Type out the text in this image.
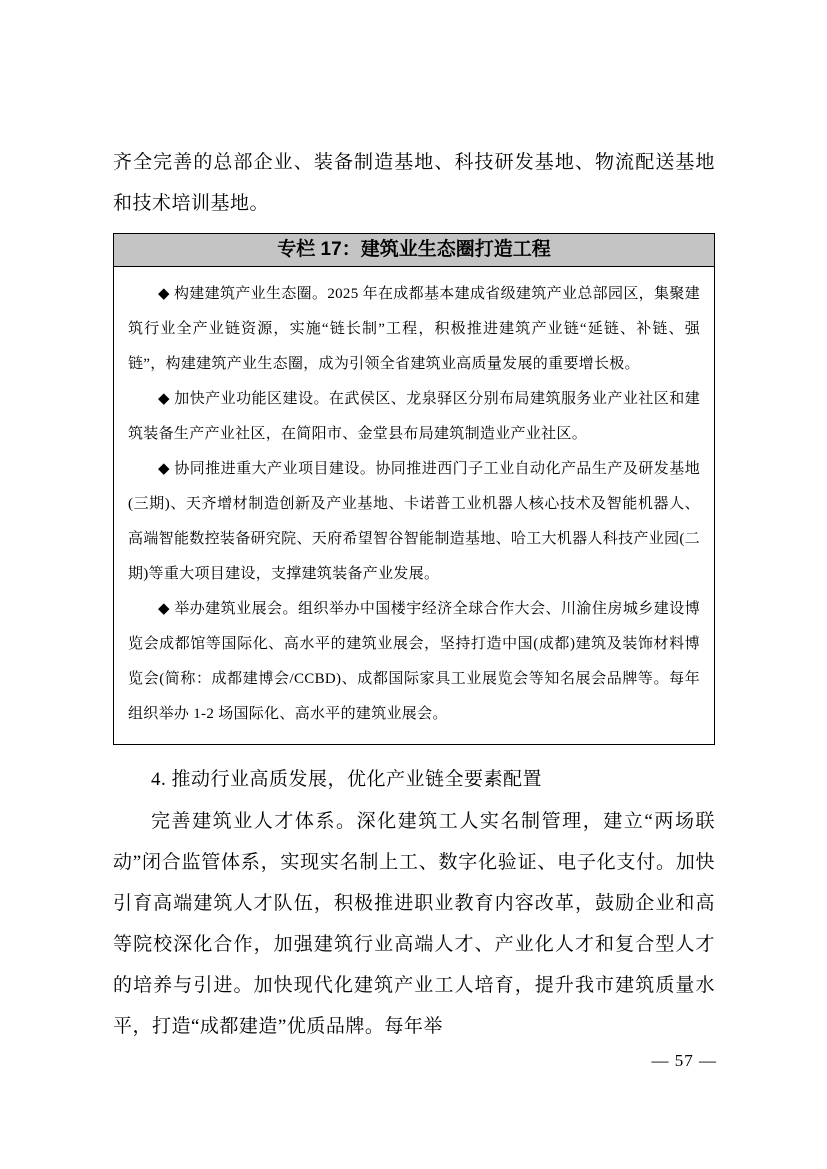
齐全完善的总部企业、装备制造基地、科技研发基地、物流配送基地和技术培训基地。

专栏 17：建筑业生态圈打造工程

◆ 构建建筑产业生态圈。2025 年在成都基本建成省级建筑产业总部园区，集聚建筑行业全产业链资源，实施“链长制”工程，积极推进建筑产业链“延链、补链、强链”，构建建筑产业生态圈，成为引领全省建筑业高质量发展的重要增长极。

◆ 加快产业功能区建设。在武侯区、龙泉驿区分别布局建筑服务业产业社区和建筑装备生产产业社区，在简阳市、金堂县布局建筑制造业产业社区。

◆ 协同推进重大产业项目建设。协同推进西门子工业自动化产品生产及研发基地(三期)、天齐增材制造创新及产业基地、卡诺普工业机器人核心技术及智能机器人、高端智能数控装备研究院、天府希望智谷智能制造基地、哈工大机器人科技产业园(二期)等重大项目建设，支撑建筑装备产业发展。

◆ 举办建筑业展会。组织举办中国楼宇经济全球合作大会、川渝住房城乡建设博览会成都馆等国际化、高水平的建筑业展会，坚持打造中国(成都)建筑及装饰材料博览会(简称：成都建博会/CCBD)、成都国际家具工业展览会等知名展会品牌等。每年组织举办 1-2 场国际化、高水平的建筑业展会。

4. 推动行业高质发展，优化产业链全要素配置

完善建筑业人才体系。深化建筑工人实名制管理，建立“两场联动”闭合监管体系，实现实名制上工、数字化验证、电子化支付。加快引育高端建筑人才队伍，积极推进职业教育内容改革，鼓励企业和高等院校深化合作，加强建筑行业高端人才、产业化人才和复合型人才的培养与引进。加快现代化建筑产业工人培育，提升我市建筑质量水平，打造“成都建造”优质品牌。每年举

— 57 —
